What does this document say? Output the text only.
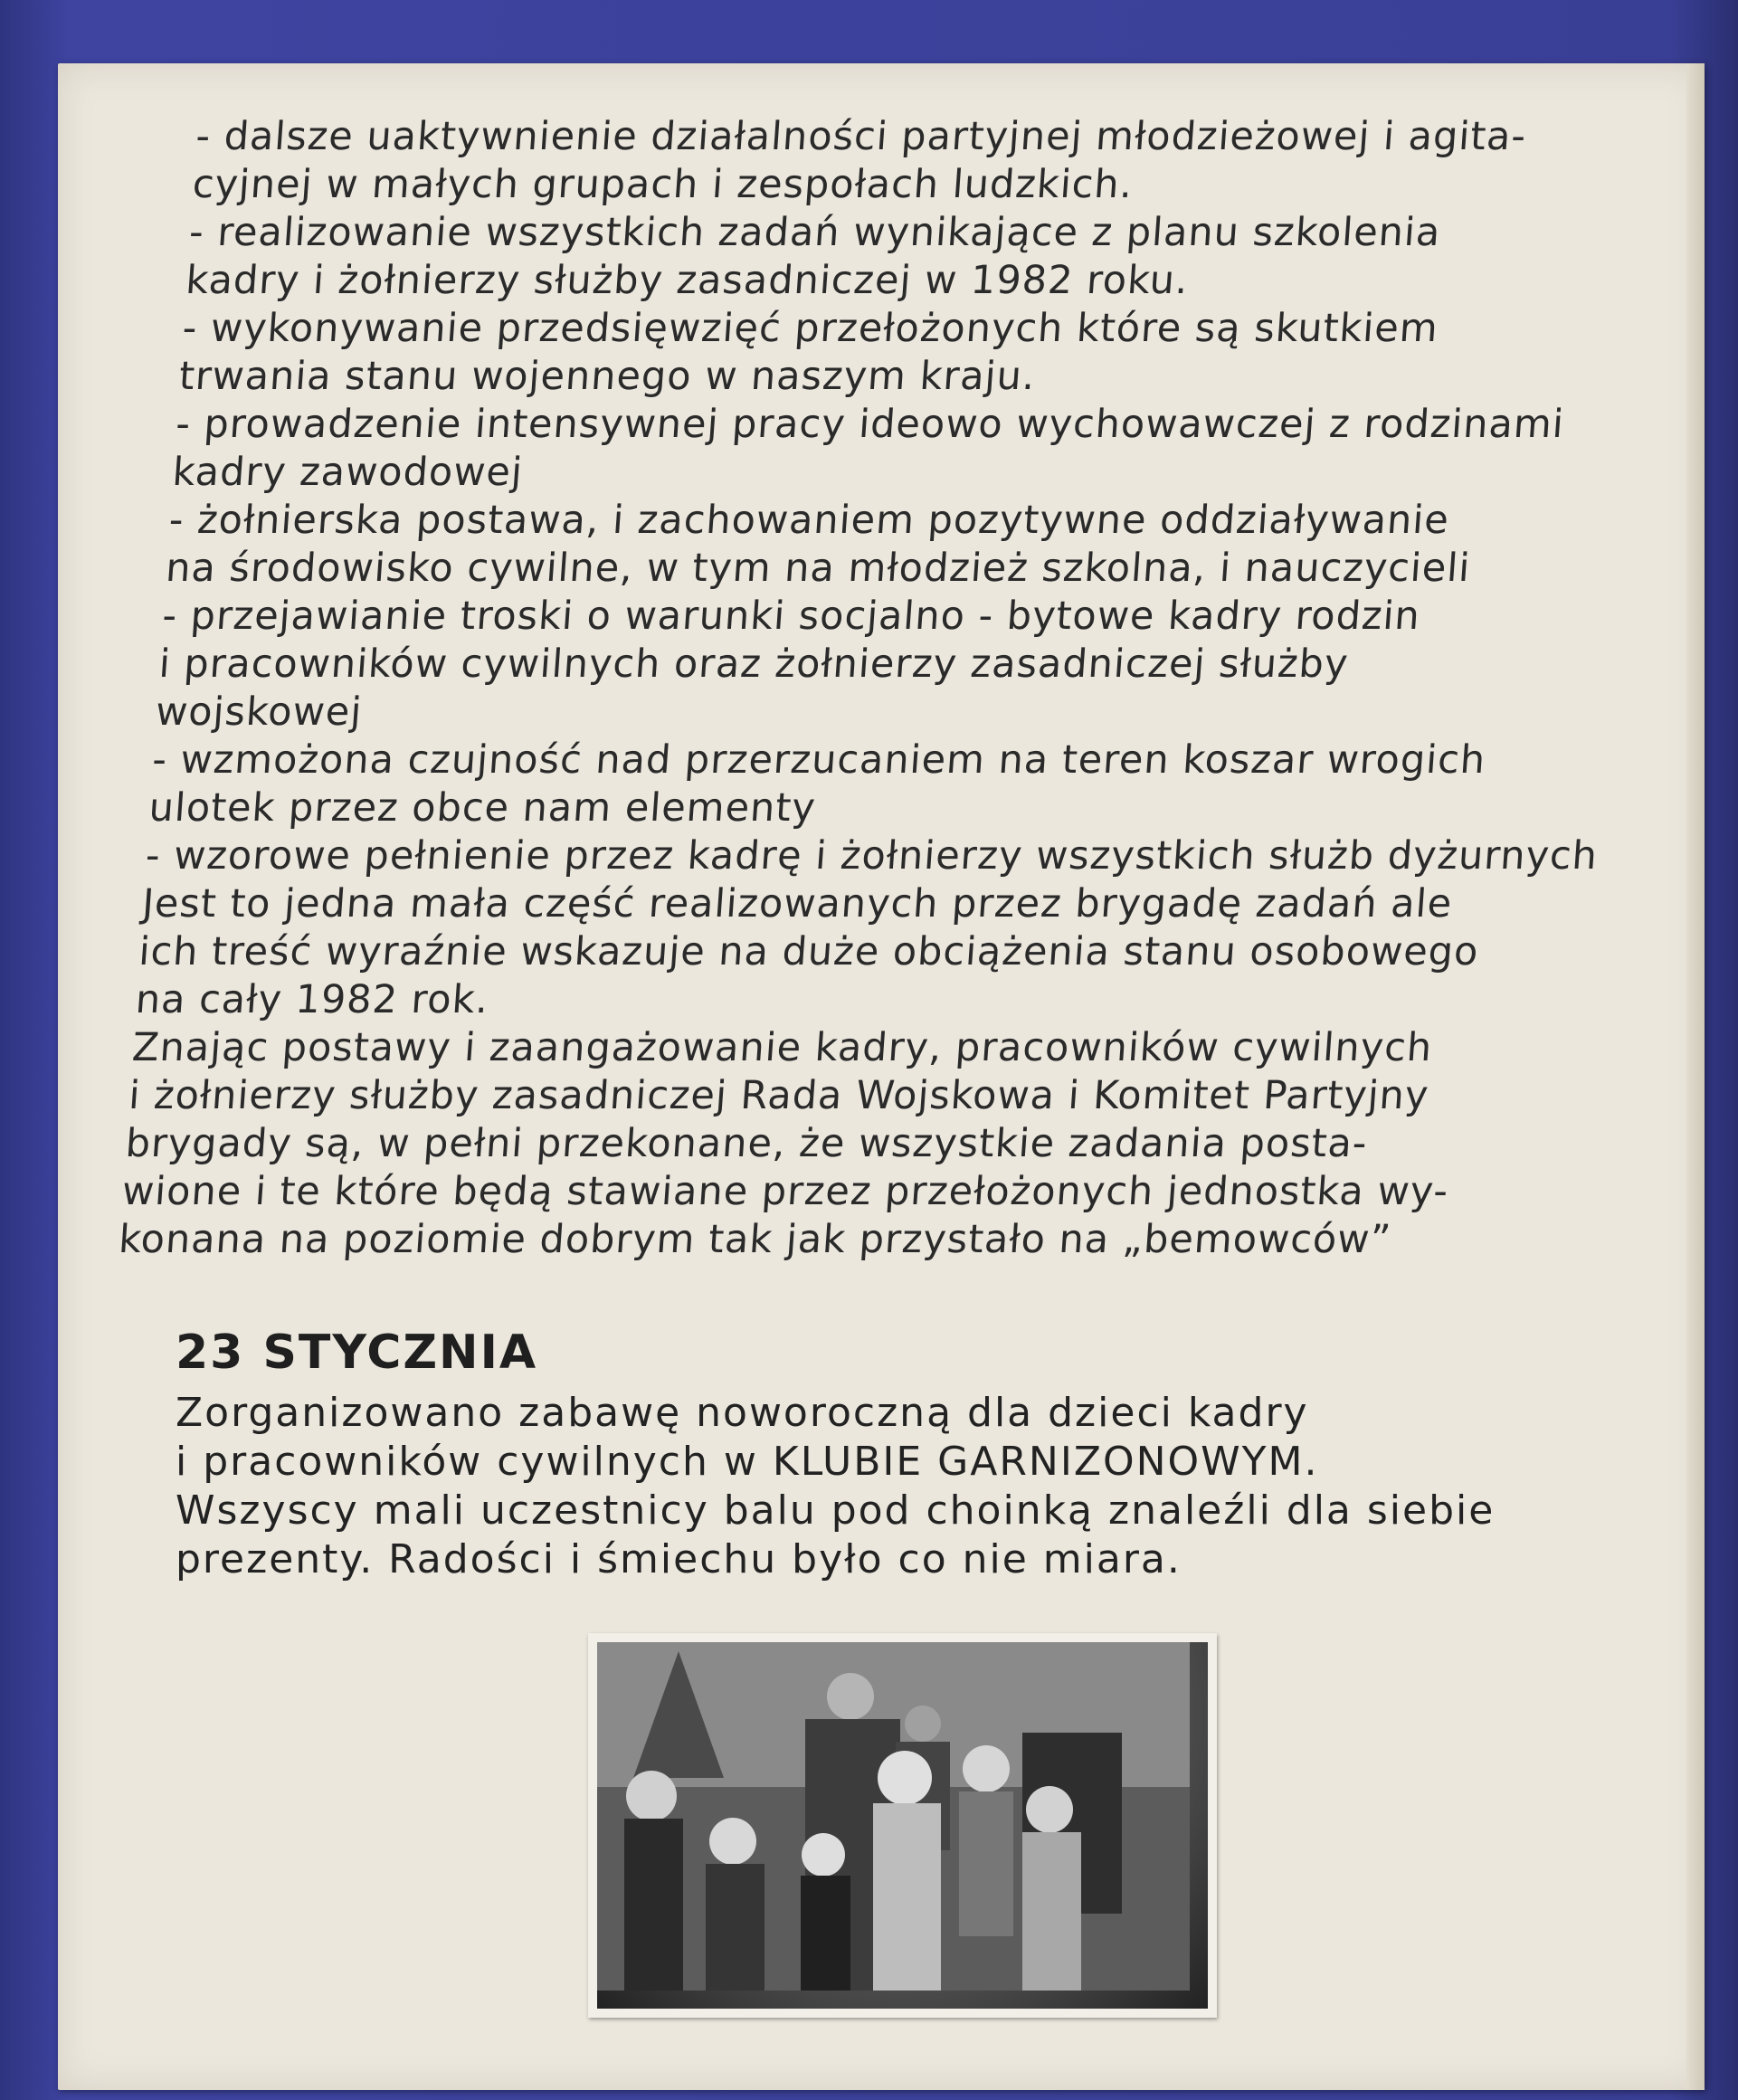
- dalsze uaktywnienie działalności partyjnej młodzieżowej i agita-
cyjnej w małych grupach i zespołach ludzkich.
- realizowanie wszystkich zadań wynikające z planu szkolenia
kadry i żołnierzy służby zasadniczej w 1982 roku.
- wykonywanie przedsięwzięć przełożonych które są skutkiem
trwania stanu wojennego w naszym kraju.
- prowadzenie intensywnej pracy ideowo wychowawczej z rodzinami
kadry zawodowej
- żołnierska postawa, i zachowaniem pozytywne oddziaływanie
na środowisko cywilne, w tym na młodzież szkolna, i nauczycieli
- przejawianie troski o warunki socjalno - bytowe kadry rodzin
i pracowników cywilnych oraz żołnierzy zasadniczej służby
wojskowej
- wzmożona czujność nad przerzucaniem na teren koszar wrogich
ulotek przez obce nam elementy
- wzorowe pełnienie przez kadrę i żołnierzy wszystkich służb dyżurnych
Jest to jedna mała część realizowanych przez brygadę zadań ale
ich treść wyraźnie wskazuje na duże obciążenia stanu osobowego
na cały 1982 rok.
Znając postawy i zaangażowanie kadry, pracowników cywilnych
i żołnierzy służby zasadniczej Rada Wojskowa i Komitet Partyjny
brygady są, w pełni przekonane, że wszystkie zadania posta-
wione i te które będą stawiane przez przełożonych jednostka wy-
konana na poziomie dobrym tak jak przystało na „bemowców”
23 STYCZNIA
Zorganizowano zabawę noworoczną dla dzieci kadry
i pracowników cywilnych w KLUBIE GARNIZONOWYM.
Wszyscy mali uczestnicy balu pod choinką znaleźli dla siebie
prezenty. Radości i śmiechu było co nie miara.
